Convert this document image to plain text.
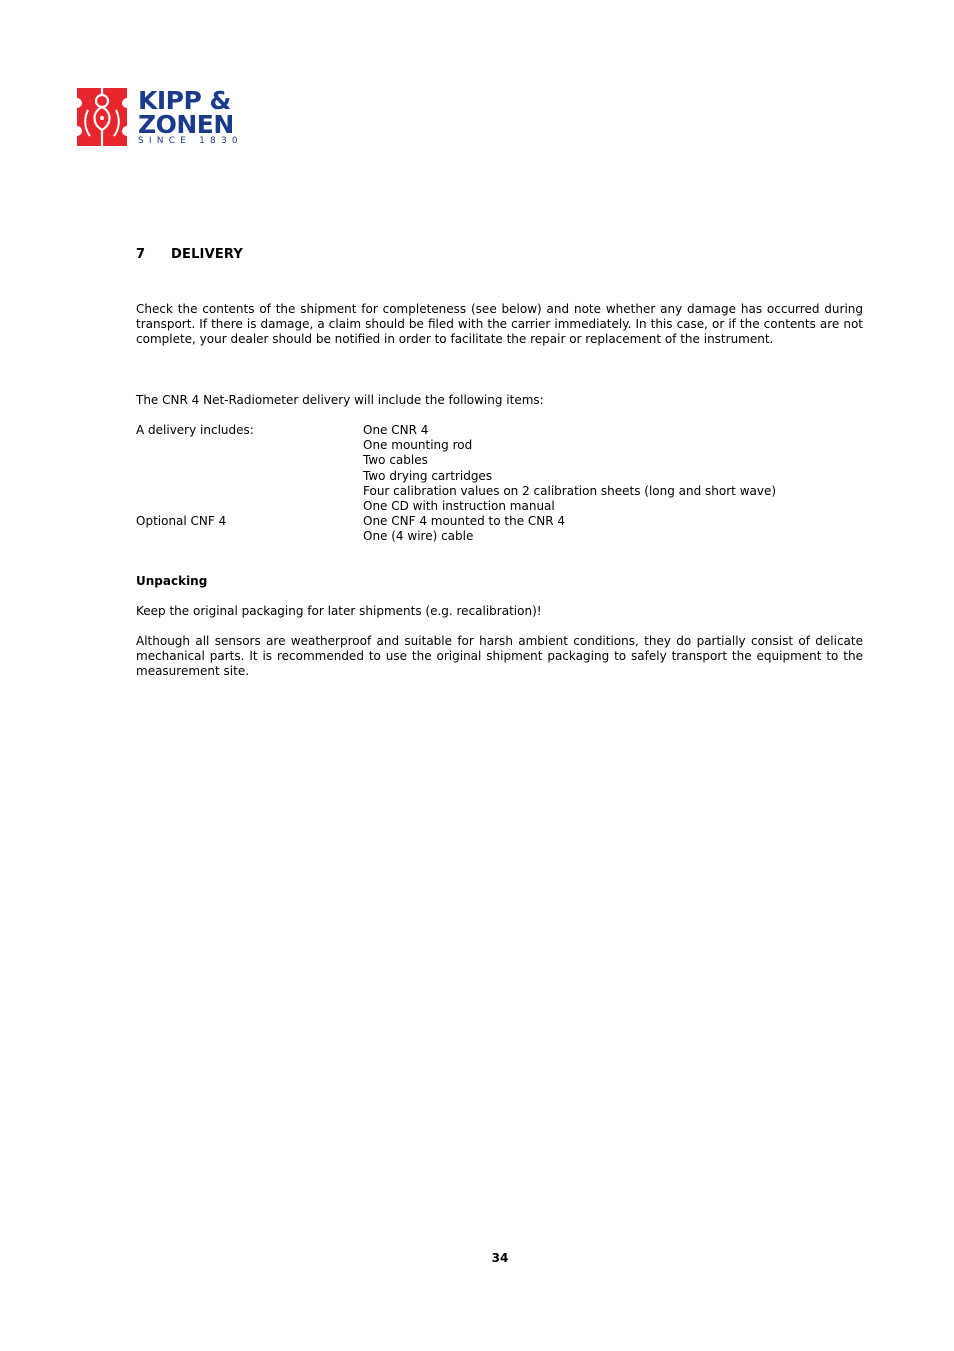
KIPP &
ZONEN
SINCE 1830
7 DELIVERY
Check the contents of the shipment for completeness (see below) and note whether any damage has occurred during transport. If there is damage, a claim should be filed with the carrier immediately. In this case, or if the contents are not complete, your dealer should be notified in order to facilitate the repair or replacement of the instrument.
The CNR 4 Net-Radiometer delivery will include the following items:
A delivery includes:	One CNR 4
One mounting rod
Two cables
Two drying cartridges
Four calibration values on 2 calibration sheets (long and short wave)
One CD with instruction manual
Optional CNF 4	One CNF 4 mounted to the CNR 4
One (4 wire) cable
Unpacking
Keep the original packaging for later shipments (e.g. recalibration)!
Although all sensors are weatherproof and suitable for harsh ambient conditions, they do partially consist of delicate mechanical parts. It is recommended to use the original shipment packaging to safely transport the equipment to the measurement site.
34
